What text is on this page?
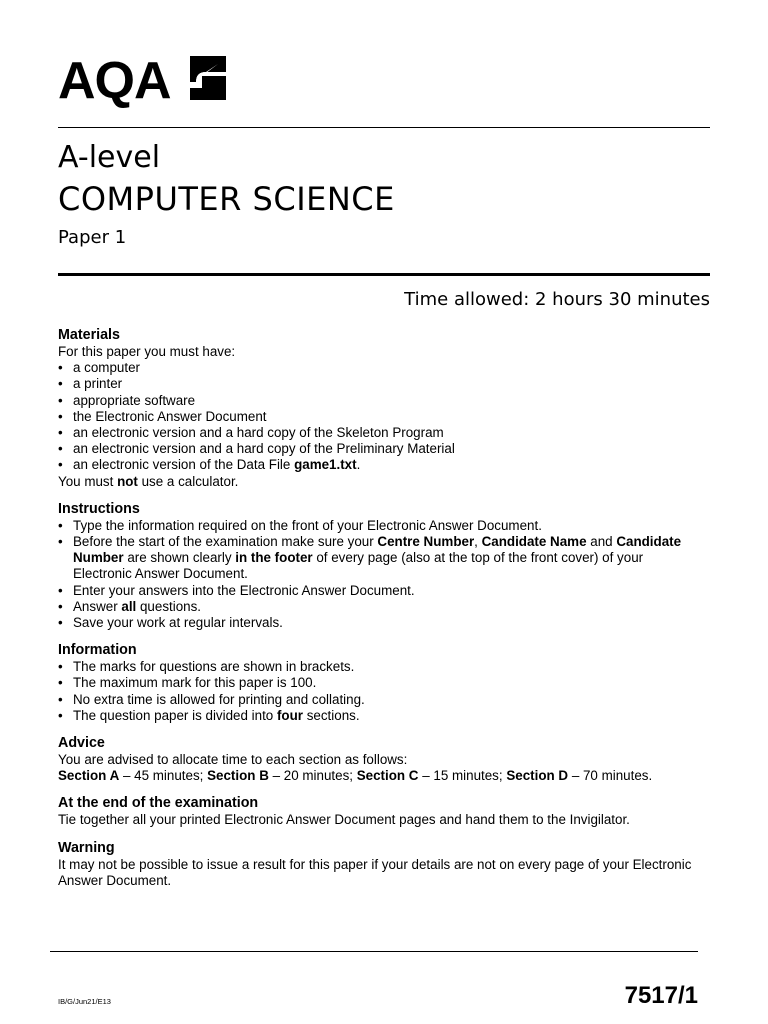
AQA
A-level
COMPUTER SCIENCE
Paper 1
Time allowed: 2 hours 30 minutes
Materials
For this paper you must have:
• a computer
• a printer
• appropriate software
• the Electronic Answer Document
• an electronic version and a hard copy of the Skeleton Program
• an electronic version and a hard copy of the Preliminary Material
• an electronic version of the Data File game1.txt.
You must not use a calculator.
Instructions
• Type the information required on the front of your Electronic Answer Document.
• Before the start of the examination make sure your Centre Number, Candidate Name and Candidate Number are shown clearly in the footer of every page (also at the top of the front cover) of your Electronic Answer Document.
• Enter your answers into the Electronic Answer Document.
• Answer all questions.
• Save your work at regular intervals.
Information
• The marks for questions are shown in brackets.
• The maximum mark for this paper is 100.
• No extra time is allowed for printing and collating.
• The question paper is divided into four sections.
Advice
You are advised to allocate time to each section as follows:
Section A – 45 minutes; Section B – 20 minutes; Section C – 15 minutes; Section D – 70 minutes.
At the end of the examination
Tie together all your printed Electronic Answer Document pages and hand them to the Invigilator.
Warning
It may not be possible to issue a result for this paper if your details are not on every page of your Electronic Answer Document.
IB/G/Jun21/E13	7517/1
